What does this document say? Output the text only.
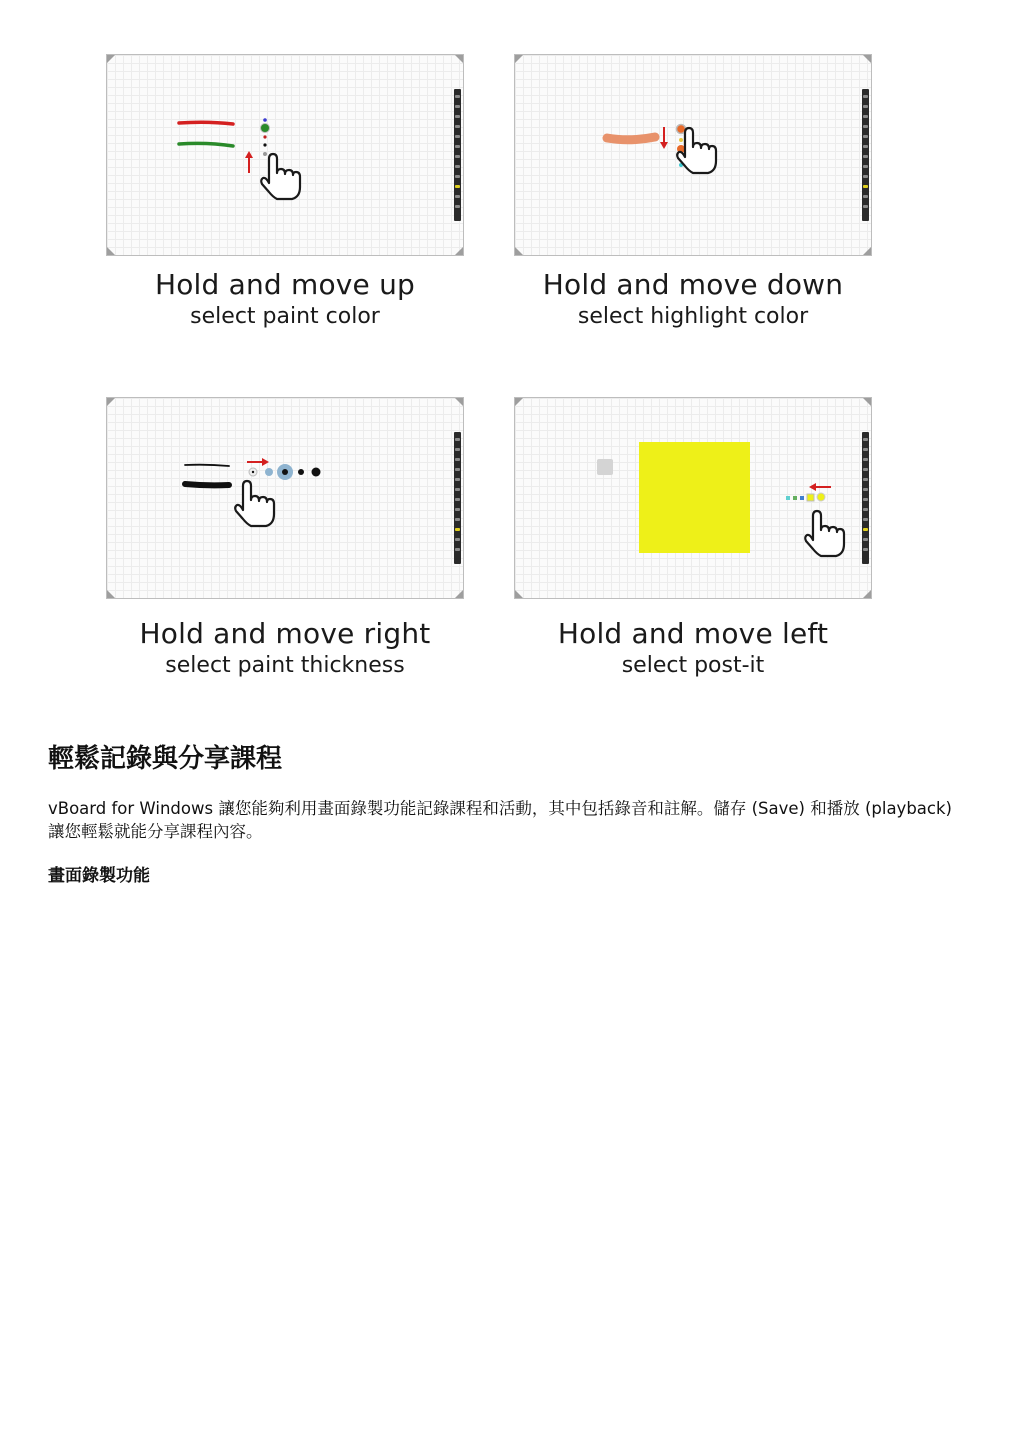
Hold and move up
select paint color
Hold and move down
select highlight color
Hold and move right
select paint thickness
Hold and move left
select post-it
輕鬆記錄與分享課程

vBoard for Windows 讓您能夠利用畫面錄製功能記錄課程和活動，其中包括錄音和註解。儲存 (Save) 和播放 (playback) 讓您輕鬆就能分享課程內容。

畫面錄製功能
